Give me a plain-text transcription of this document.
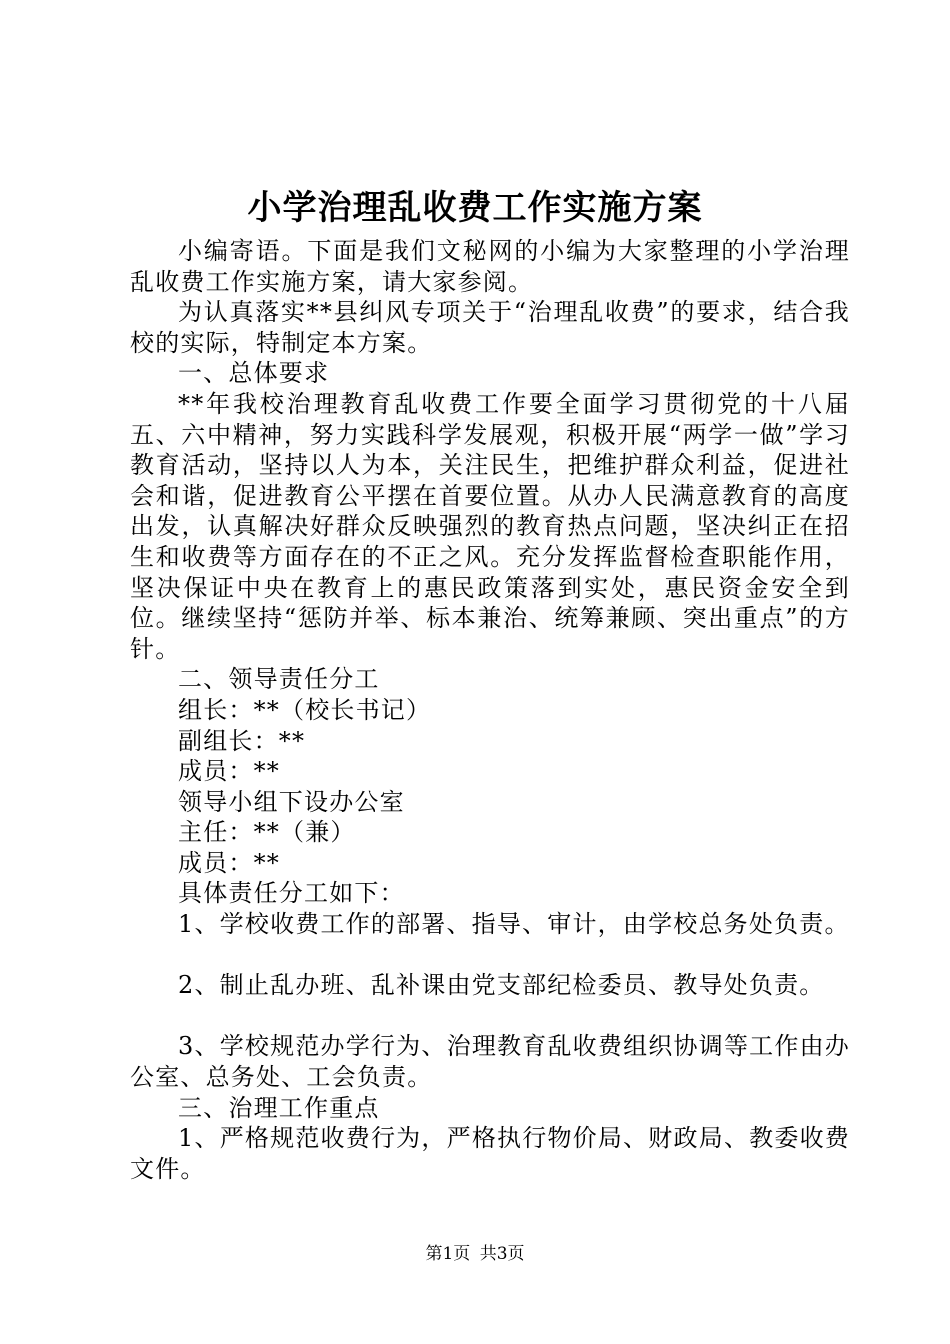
小学治理乱收费工作实施方案

小编寄语。下面是我们文秘网的小编为大家整理的小学治理乱收费工作实施方案，请大家参阅。

为认真落实**县纠风专项关于“治理乱收费”的要求，结合我校的实际，特制定本方案。

一、总体要求

**年我校治理教育乱收费工作要全面学习贯彻党的十八届五、六中精神，努力实践科学发展观，积极开展“两学一做”学习教育活动，坚持以人为本，关注民生，把维护群众利益，促进社会和谐，促进教育公平摆在首要位置。从办人民满意教育的高度出发，认真解决好群众反映强烈的教育热点问题，坚决纠正在招生和收费等方面存在的不正之风。充分发挥监督检查职能作用，坚决保证中央在教育上的惠民政策落到实处，惠民资金安全到位。继续坚持“惩防并举、标本兼治、统筹兼顾、突出重点”的方针。

二、领导责任分工

组长：**（校长书记）

副组长：**

成员：**

领导小组下设办公室

主任：**（兼）

成员：**

具体责任分工如下：

1、学校收费工作的部署、指导、审计，由学校总务处负责。

2、制止乱办班、乱补课由党支部纪检委员、教导处负责。

3、学校规范办学行为、治理教育乱收费组织协调等工作由办公室、总务处、工会负责。

三、治理工作重点

1、严格规范收费行为，严格执行物价局、财政局、教委收费文件。

第1页 共3页
